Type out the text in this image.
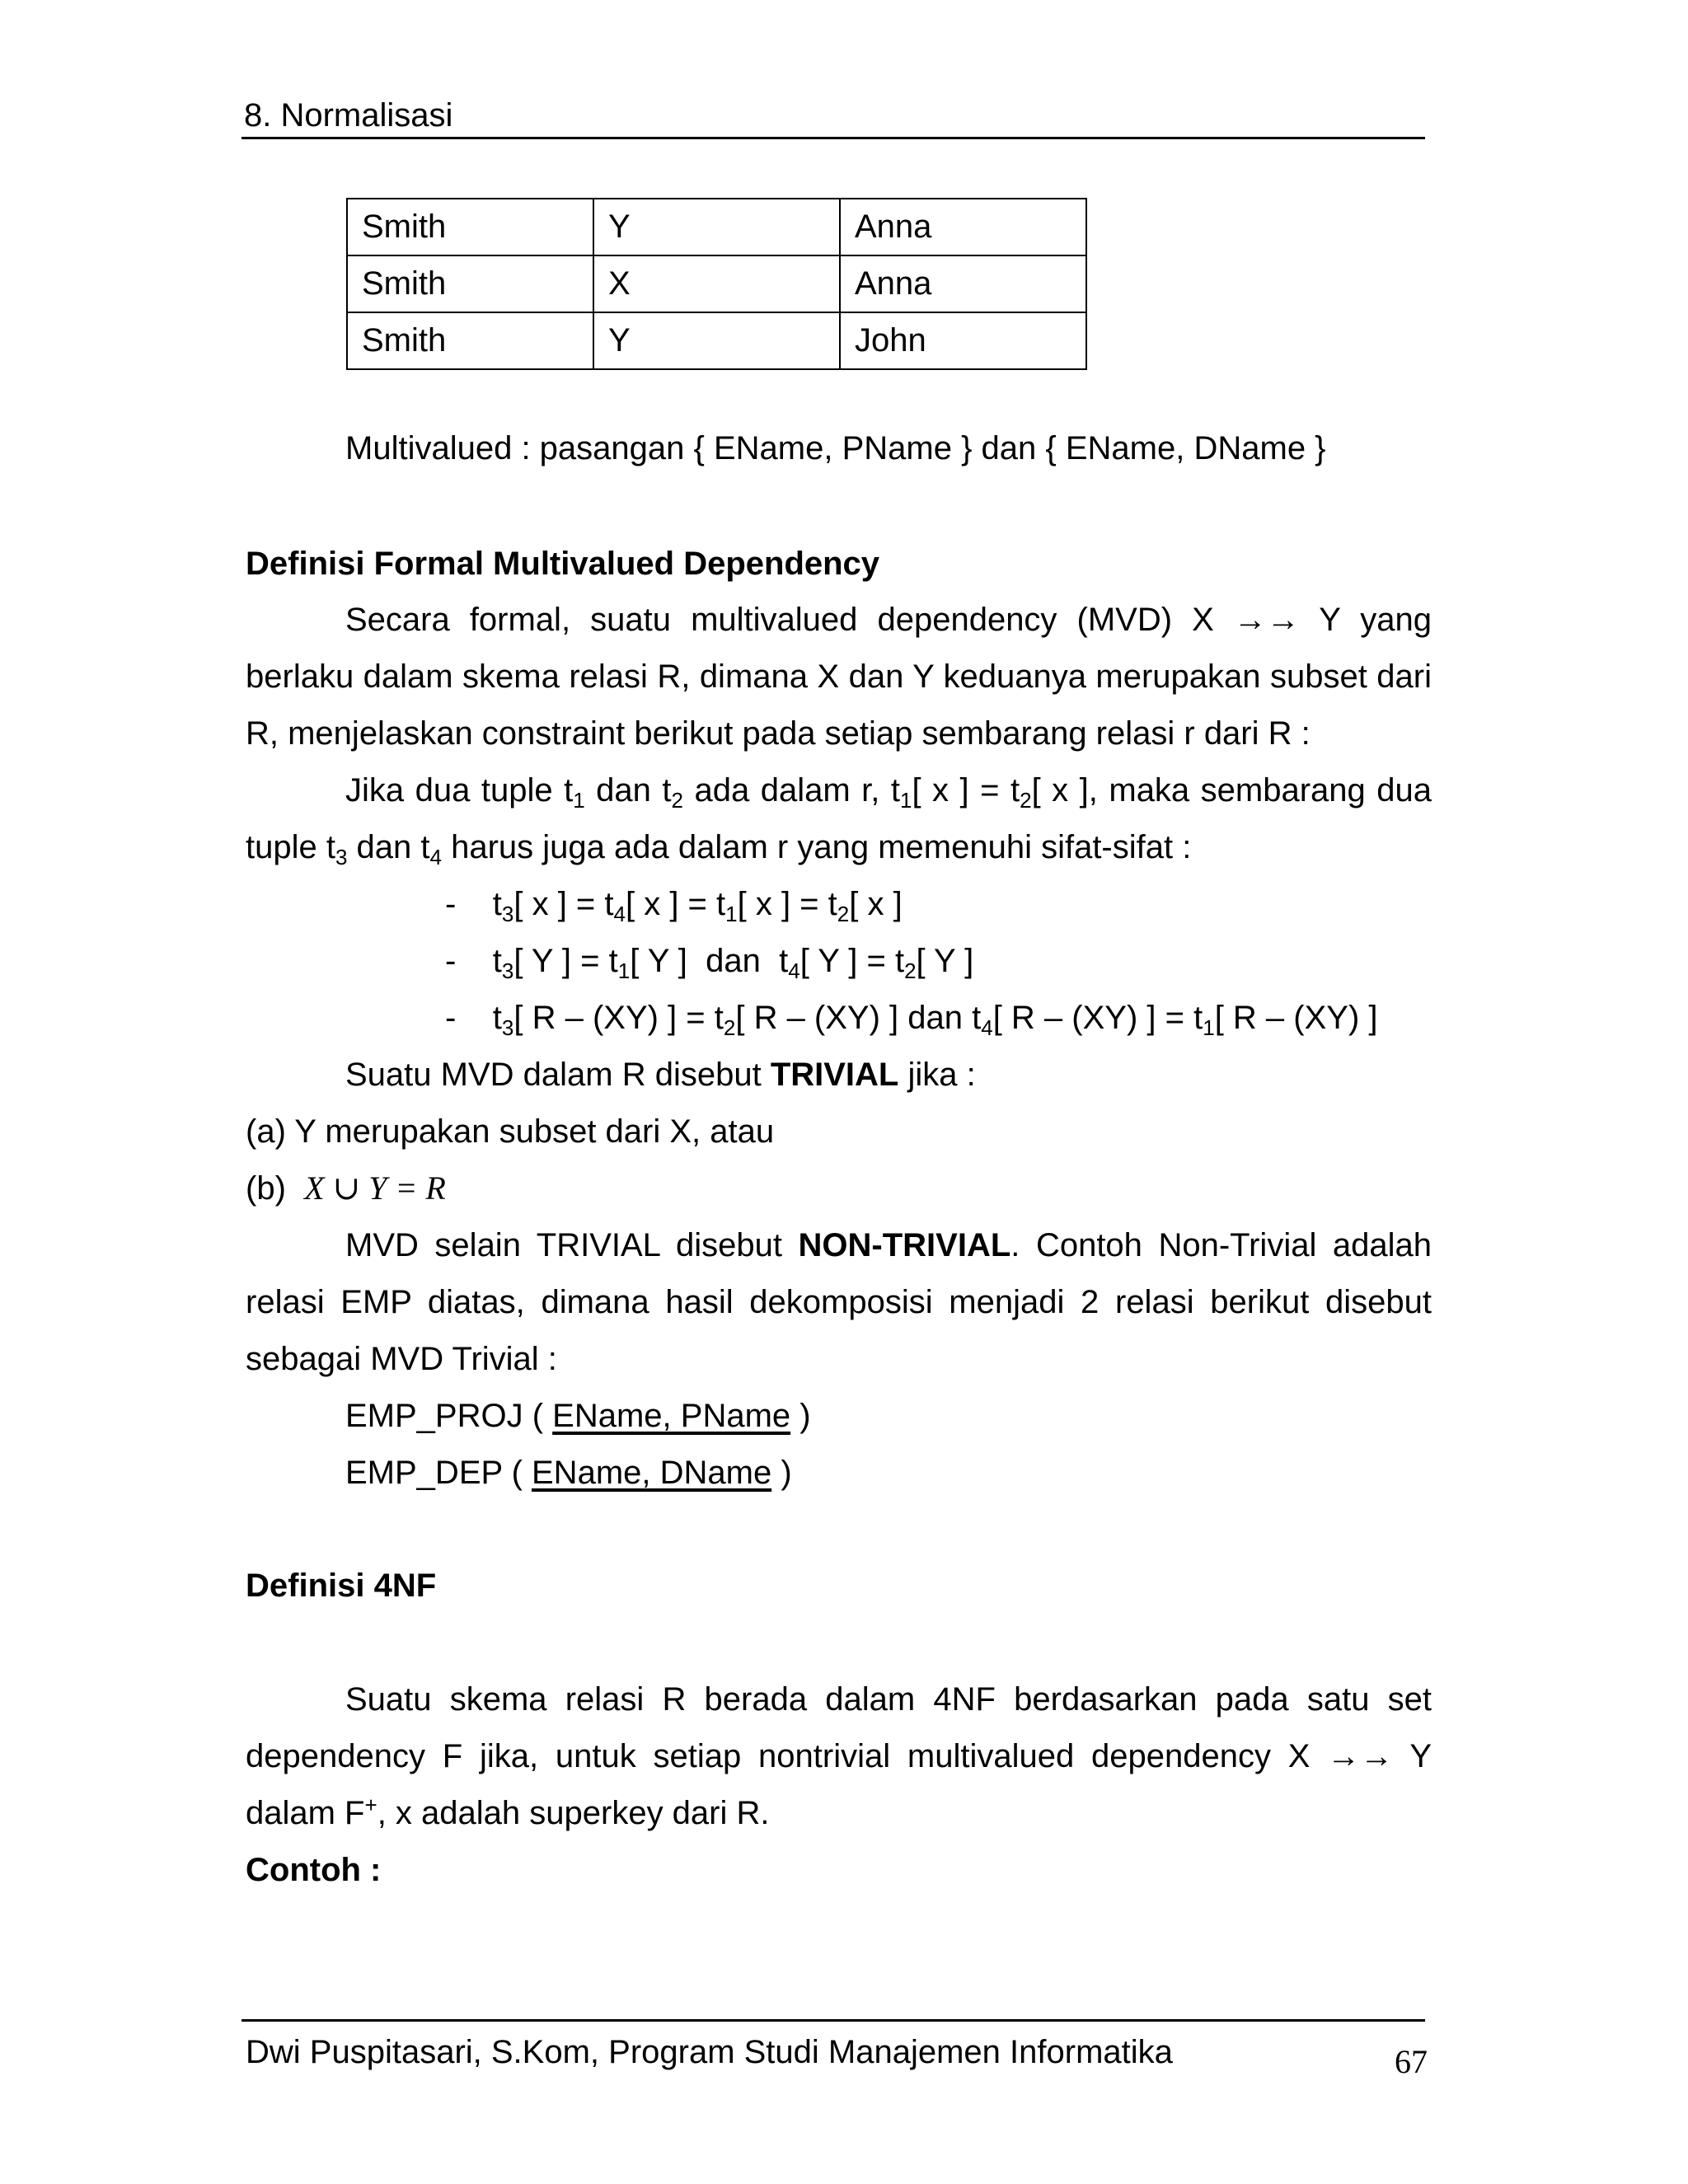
8. Normalisasi
Smith	Y	Anna
Smith	X	Anna
Smith	Y	John
Multivalued : pasangan { EName, PName } dan { EName, DName }
Definisi Formal Multivalued Dependency
Secara formal, suatu multivalued dependency (MVD) X →→ Y yang
berlaku dalam skema relasi R, dimana X dan Y keduanya merupakan subset dari
R, menjelaskan constraint berikut pada setiap sembarang relasi r dari R :
Jika dua tuple $t_1$ dan $t_2$ ada dalam r, $t_1$[ x ] = $t_2$[ x ], maka sembarang dua
tuple $t_3$ dan $t_4$ harus juga ada dalam r yang memenuhi sifat-sifat :
-    $t_3$[ x ] = $t_4$[ x ] = $t_1$[ x ] = $t_2$[ x ]
-    $t_3$[ Y ] = $t_1$[ Y ]  dan  $t_4$[ Y ] = $t_2$[ Y ]
-    $t_3$[ R – (XY) ] = $t_2$[ R – (XY) ] dan $t_4$[ R – (XY) ] = $t_1$[ R – (XY) ]
Suatu MVD dalam R disebut TRIVIAL jika :
(a) Y merupakan subset dari X, atau
(b) X ∪ Y = R
MVD selain TRIVIAL disebut NON-TRIVIAL. Contoh Non-Trivial adalah
relasi EMP diatas, dimana hasil dekomposisi menjadi 2 relasi berikut disebut
sebagai MVD Trivial :
EMP_PROJ ( EName, PName )
EMP_DEP ( EName, DName )
Definisi 4NF
Suatu skema relasi R berada dalam 4NF berdasarkan pada satu set
dependency F jika, untuk setiap nontrivial multivalued dependency X →→ Y
dalam F+, x adalah superkey dari R.
Contoh :
Dwi Puspitasari, S.Kom, Program Studi Manajemen Informatika	67
